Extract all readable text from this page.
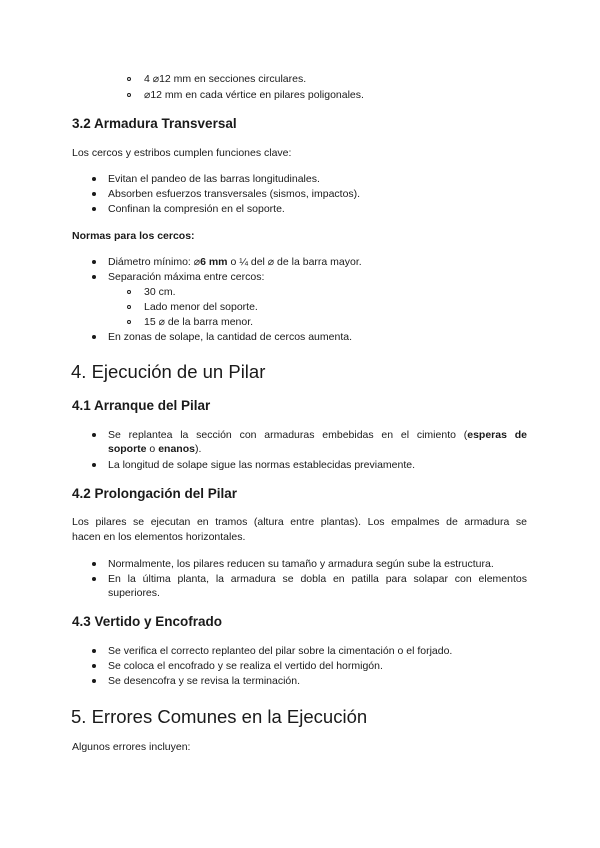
4 ⌀12 mm en secciones circulares.
⌀12 mm en cada vértice en pilares poligonales.
3.2 Armadura Transversal
Los cercos y estribos cumplen funciones clave:
Evitan el pandeo de las barras longitudinales.
Absorben esfuerzos transversales (sismos, impactos).
Confinan la compresión en el soporte.
Normas para los cercos:
Diámetro mínimo: ⌀6 mm o ¼ del ⌀ de la barra mayor.
Separación máxima entre cercos:
30 cm.
Lado menor del soporte.
15 ⌀ de la barra menor.
En zonas de solape, la cantidad de cercos aumenta.
4. Ejecución de un Pilar
4.1 Arranque del Pilar
Se replantea la sección con armaduras embebidas en el cimiento (esperas de
soporte o enanos).
La longitud de solape sigue las normas establecidas previamente.
4.2 Prolongación del Pilar
Los pilares se ejecutan en tramos (altura entre plantas). Los empalmes de armadura se
hacen en los elementos horizontales.
Normalmente, los pilares reducen su tamaño y armadura según sube la estructura.
En la última planta, la armadura se dobla en patilla para solapar con elementos
superiores.
4.3 Vertido y Encofrado
Se verifica el correcto replanteo del pilar sobre la cimentación o el forjado.
Se coloca el encofrado y se realiza el vertido del hormigón.
Se desencofra y se revisa la terminación.
5. Errores Comunes en la Ejecución
Algunos errores incluyen:
